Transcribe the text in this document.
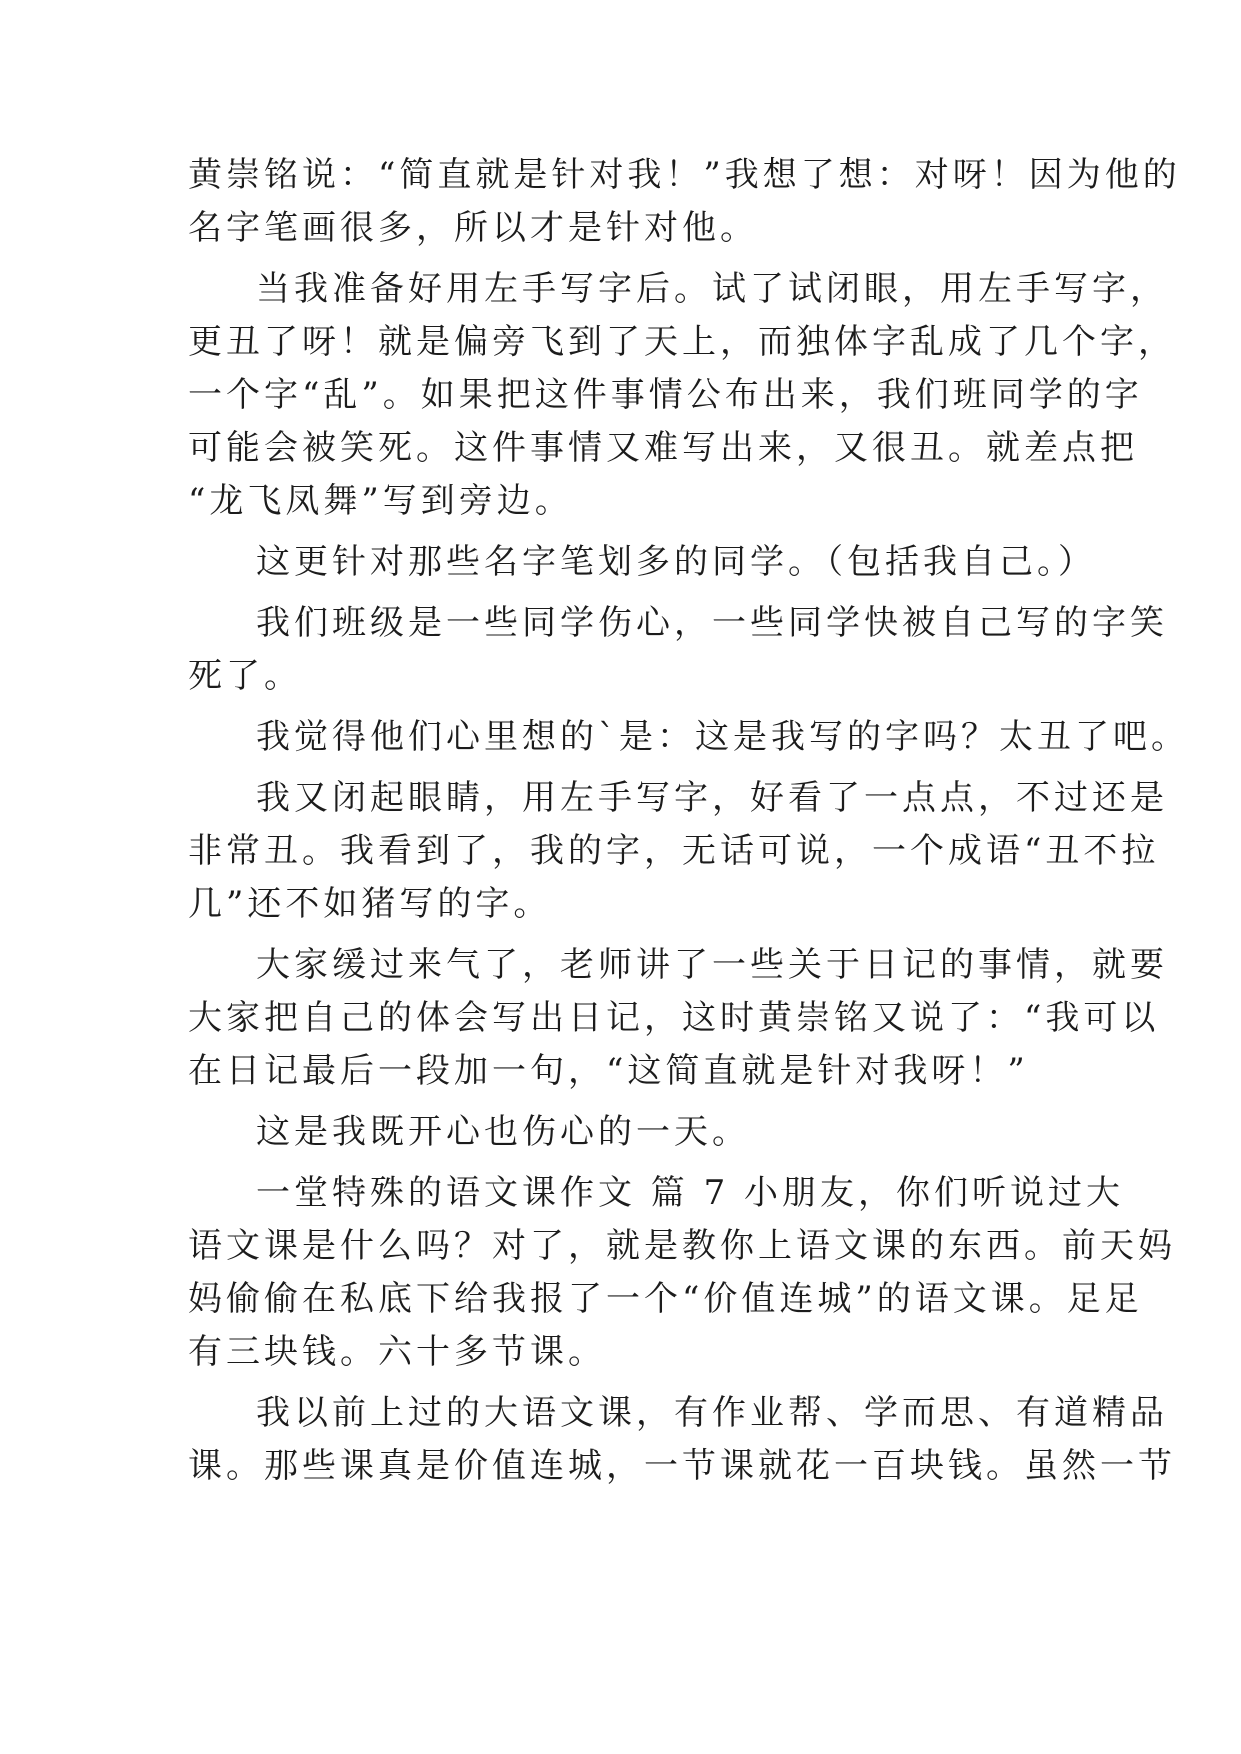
黄崇铭说：“简直就是针对我！”我想了想：对呀！因为他的
名字笔画很多，所以才是针对他。
当我准备好用左手写字后。试了试闭眼，用左手写字，
更丑了呀！就是偏旁飞到了天上，而独体字乱成了几个字，
一个字“乱”。如果把这件事情公布出来，我们班同学的字
可能会被笑死。这件事情又难写出来，又很丑。就差点把
“龙飞凤舞”写到旁边。
这更针对那些名字笔划多的同学。（包括我自己。）
我们班级是一些同学伤心，一些同学快被自己写的字笑
死了。
我觉得他们心里想的`是：这是我写的字吗？太丑了吧。
我又闭起眼睛，用左手写字，好看了一点点，不过还是
非常丑。我看到了，我的字，无话可说，一个成语“丑不拉
几”还不如猪写的字。
大家缓过来气了，老师讲了一些关于日记的事情，就要
大家把自己的体会写出日记，这时黄崇铭又说了：“我可以
在日记最后一段加一句，“这简直就是针对我呀！”
这是我既开心也伤心的一天。
一堂特殊的语文课作文 篇 7 小朋友，你们听说过大
语文课是什么吗？对了，就是教你上语文课的东西。前天妈
妈偷偷在私底下给我报了一个“价值连城”的语文课。足足
有三块钱。六十多节课。
我以前上过的大语文课，有作业帮、学而思、有道精品
课。那些课真是价值连城，一节课就花一百块钱。虽然一节
